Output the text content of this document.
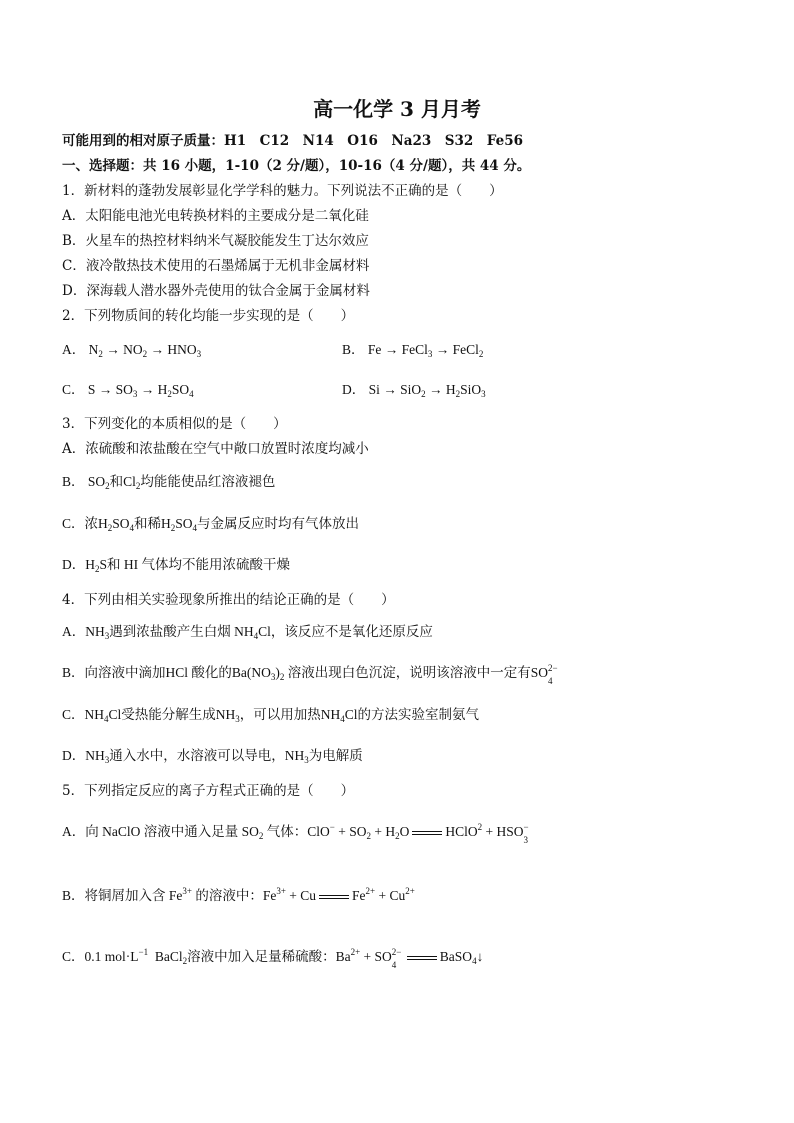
高一化学 3 月月考
可能用到的相对原子质量：H1　C12　N14　O16　Na23　S32　Fe56
一、选择题：共 16 小题，1-10（2 分/题），10-16（4 分/题），共 44 分。
1．新材料的蓬勃发展彰显化学学科的魅力。下列说法不正确的是（　　）
A．太阳能电池光电转换材料的主要成分是二氧化硅
B．火星车的热控材料纳米气凝胶能发生丁达尔效应
C．液冷散热技术使用的石墨烯属于无机非金属材料
D．深海载人潜水器外壳使用的钛合金属于金属材料
2．下列物质间的转化均能一步实现的是（　　）
A． $N_2 \to NO_2 \to HNO_3$	B． Fe → FeCl$_3$ → FeCl$_2$
C． $S \to SO_3 \to H_2SO_4$	D． $Si \to SiO_2 \to H_2SiO_3$
3．下列变化的本质相似的是（　　）
A．浓硫酸和浓盐酸在空气中敞口放置时浓度均减小
B． $SO_2$和$Cl_2$均能能使品红溶液褪色
C．浓$H_2SO_4$和稀$H_2SO_4$与金属反应时均有气体放出
D．$H_2S$和 HI 气体均不能用浓硫酸干燥
4．下列由相关实验现象所推出的结论正确的是（　　）
A．$NH_3$遇到浓盐酸产生白烟 $NH_4Cl$，该反应不是氧化还原反应
B．向溶液中滴加HCl 酸化的$Ba(NO_3)_2$ 溶液出现白色沉淀，说明该溶液中一定有SO 2−
4
C．$NH_4Cl$受热能分解生成$NH_3$，可以用加热$NH_4Cl$的方法实验室制氨气
D．$NH_3$通入水中，水溶液可以导电，$NH_3$为电解质
5．下列指定反应的离子方程式正确的是（　　）
A．向 NaClO 溶液中通入足量 $SO_2$ 气体：$ClO^- + SO_2 + H_2O$	HClO$^2$ + HSO −
3
B．将铜屑加入含 $Fe^{3+}$ 的溶液中：$Fe^{3+} + Cu$	$Fe^{2+} + Cu^{2+}$
C．0.1 $mol\cdot L^{-1}$  BaCl$_2$溶液中加入足量稀硫酸：$Ba^{2+}$ + SO 2−
4
BaSO$_4$↓
